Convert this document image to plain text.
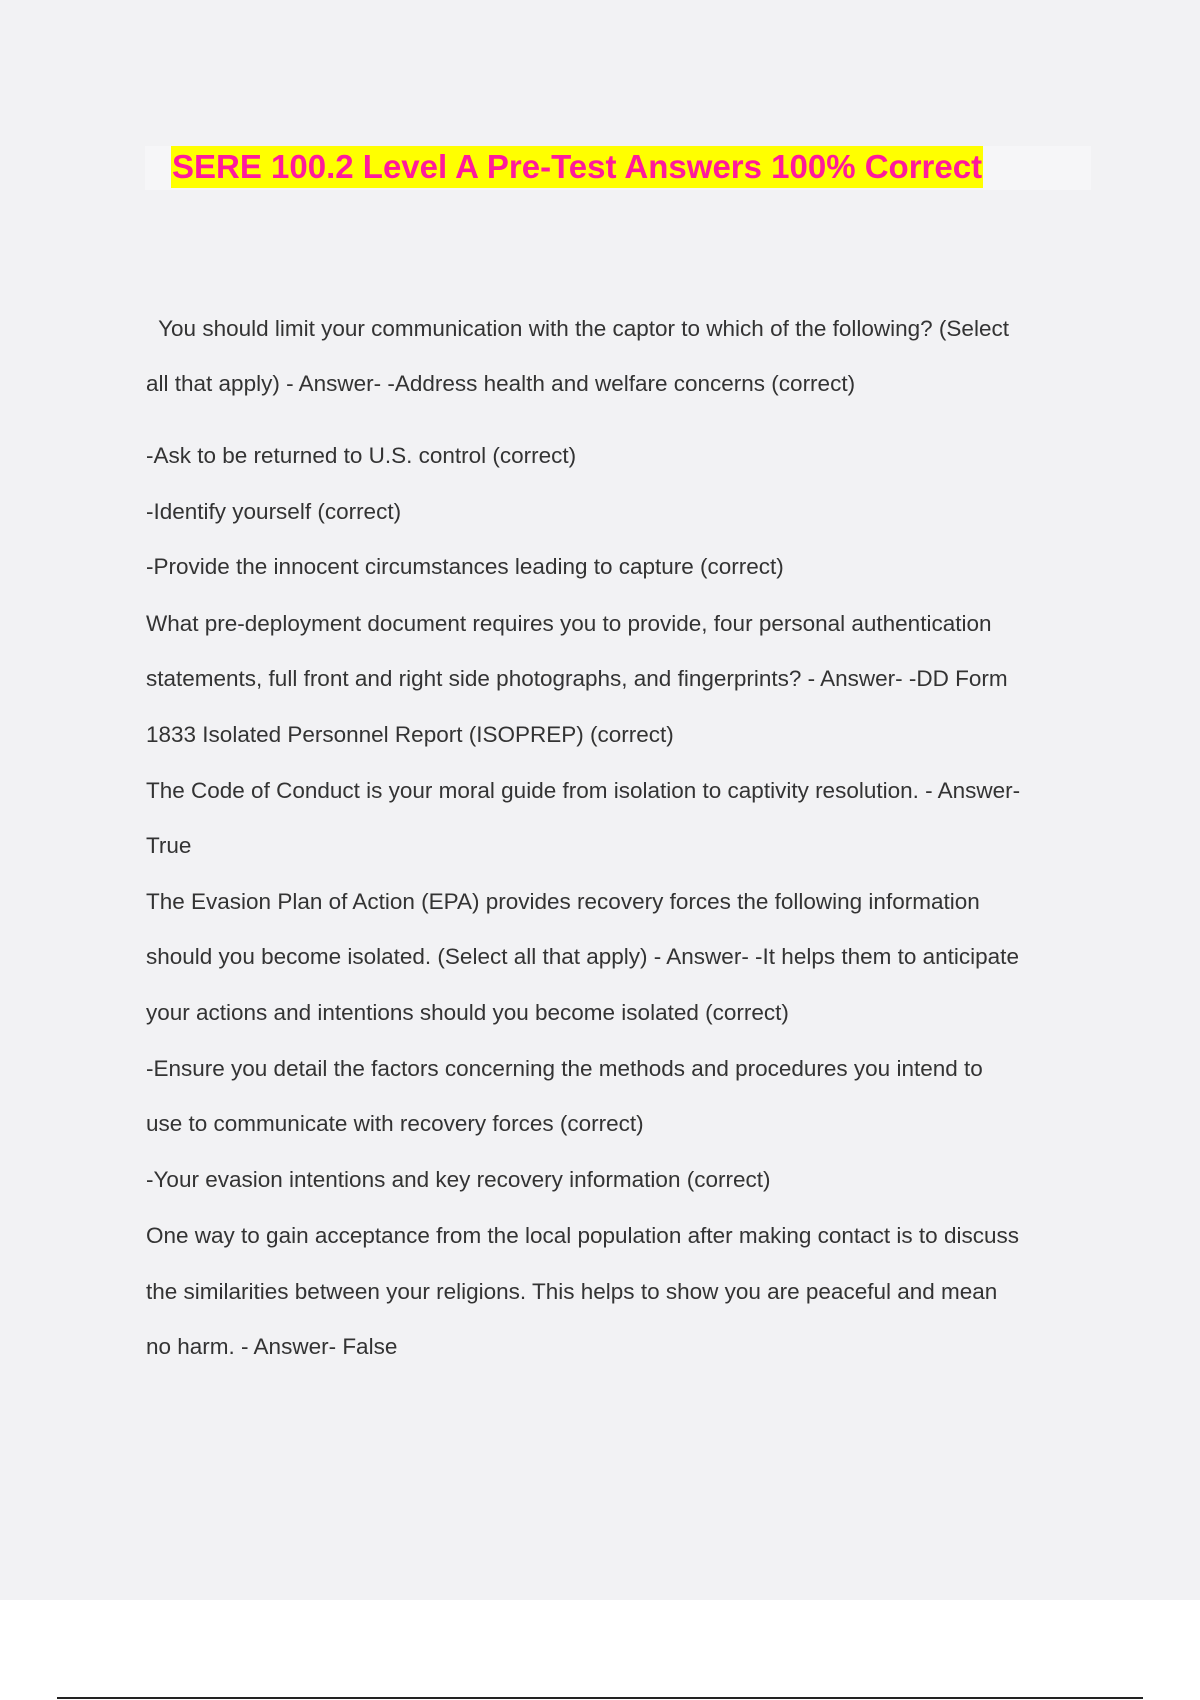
SERE 100.2 Level A Pre-Test Answers 100% Correct
You should limit your communication with the captor to which of the following? (Select
all that apply) - Answer- -Address health and welfare concerns (correct)
-Ask to be returned to U.S. control (correct)
-Identify yourself (correct)
-Provide the innocent circumstances leading to capture (correct)
What pre-deployment document requires you to provide, four personal authentication
statements, full front and right side photographs, and fingerprints? - Answer- -DD Form
1833 Isolated Personnel Report (ISOPREP) (correct)
The Code of Conduct is your moral guide from isolation to captivity resolution. - Answer-
True
The Evasion Plan of Action (EPA) provides recovery forces the following information
should you become isolated. (Select all that apply) - Answer- -It helps them to anticipate
your actions and intentions should you become isolated (correct)
-Ensure you detail the factors concerning the methods and procedures you intend to
use to communicate with recovery forces (correct)
-Your evasion intentions and key recovery information (correct)
One way to gain acceptance from the local population after making contact is to discuss
the similarities between your religions. This helps to show you are peaceful and mean
no harm. - Answer- False
